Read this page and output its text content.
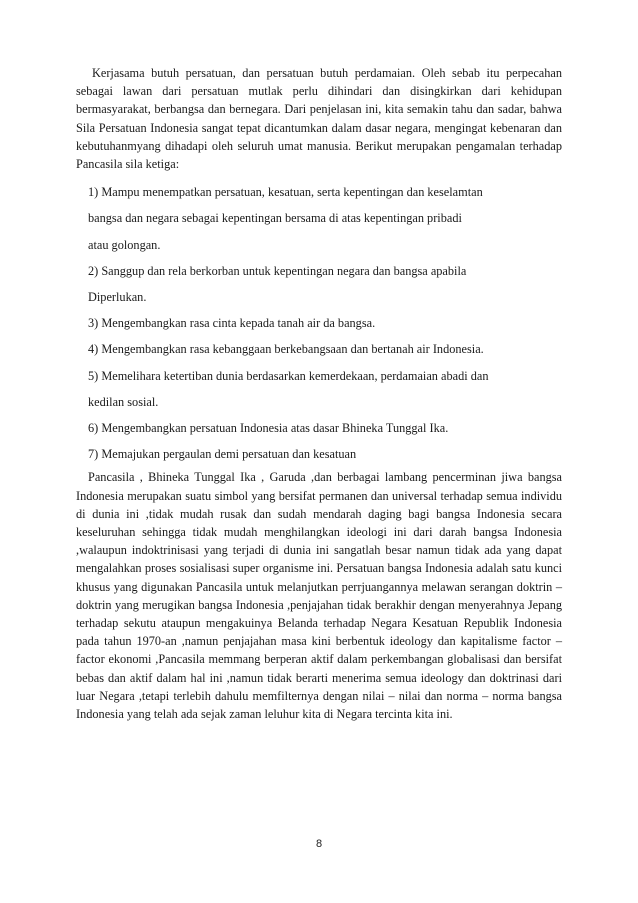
Kerjasama butuh persatuan, dan persatuan butuh perdamaian. Oleh sebab itu perpecahan sebagai lawan dari persatuan mutlak perlu dihindari dan disingkirkan dari kehidupan bermasyarakat, berbangsa dan bernegara. Dari penjelasan ini, kita semakin tahu dan sadar, bahwa Sila Persatuan Indonesia sangat tepat dicantumkan dalam dasar negara, mengingat kebenaran dan kebutuhanmyang dihadapi oleh seluruh umat manusia. Berikut merupakan pengamalan terhadap Pancasila sila ketiga:

1) Mampu menempatkan persatuan, kesatuan, serta kepentingan dan keselamtan
bangsa dan negara sebagai kepentingan bersama di atas kepentingan pribadi
atau golongan.
2) Sanggup dan rela berkorban untuk kepentingan negara dan bangsa apabila
Diperlukan.
3) Mengembangkan rasa cinta kepada tanah air da bangsa.
4) Mengembangkan rasa kebanggaan berkebangsaan dan bertanah air Indonesia.
5) Memelihara ketertiban dunia berdasarkan kemerdekaan, perdamaian abadi dan
kedilan sosial.
6) Mengembangkan persatuan Indonesia atas dasar Bhineka Tunggal Ika.
7) Memajukan pergaulan demi persatuan dan kesatuan

Pancasila , Bhineka Tunggal Ika , Garuda ,dan berbagai lambang pencerminan jiwa bangsa Indonesia merupakan suatu simbol yang bersifat permanen dan universal terhadap semua individu di dunia ini ,tidak mudah rusak dan sudah mendarah daging bagi bangsa Indonesia secara keseluruhan sehingga tidak mudah menghilangkan ideologi ini dari darah bangsa Indonesia ,walaupun indoktrinisasi yang terjadi di dunia ini sangatlah besar namun tidak ada yang dapat mengalahkan proses sosialisasi super organisme ini. Persatuan bangsa Indonesia adalah satu kunci khusus yang digunakan Pancasila untuk melanjutkan perrjuangannya melawan serangan doktrin – doktrin yang merugikan bangsa Indonesia ,penjajahan tidak berakhir dengan menyerahnya Jepang terhadap sekutu ataupun mengakuinya Belanda terhadap Negara Kesatuan Republik Indonesia pada tahun 1970-an ,namun penjajahan masa kini berbentuk ideology dan kapitalisme factor – factor ekonomi ,Pancasila memmang berperan aktif dalam perkembangan globalisasi dan bersifat bebas dan aktif dalam hal ini ,namun tidak berarti menerima semua ideology dan doktrinasi dari luar Negara ,tetapi terlebih dahulu memfilternya dengan nilai – nilai dan norma – norma bangsa Indonesia yang telah ada sejak zaman leluhur kita di Negara tercinta kita ini.

8
